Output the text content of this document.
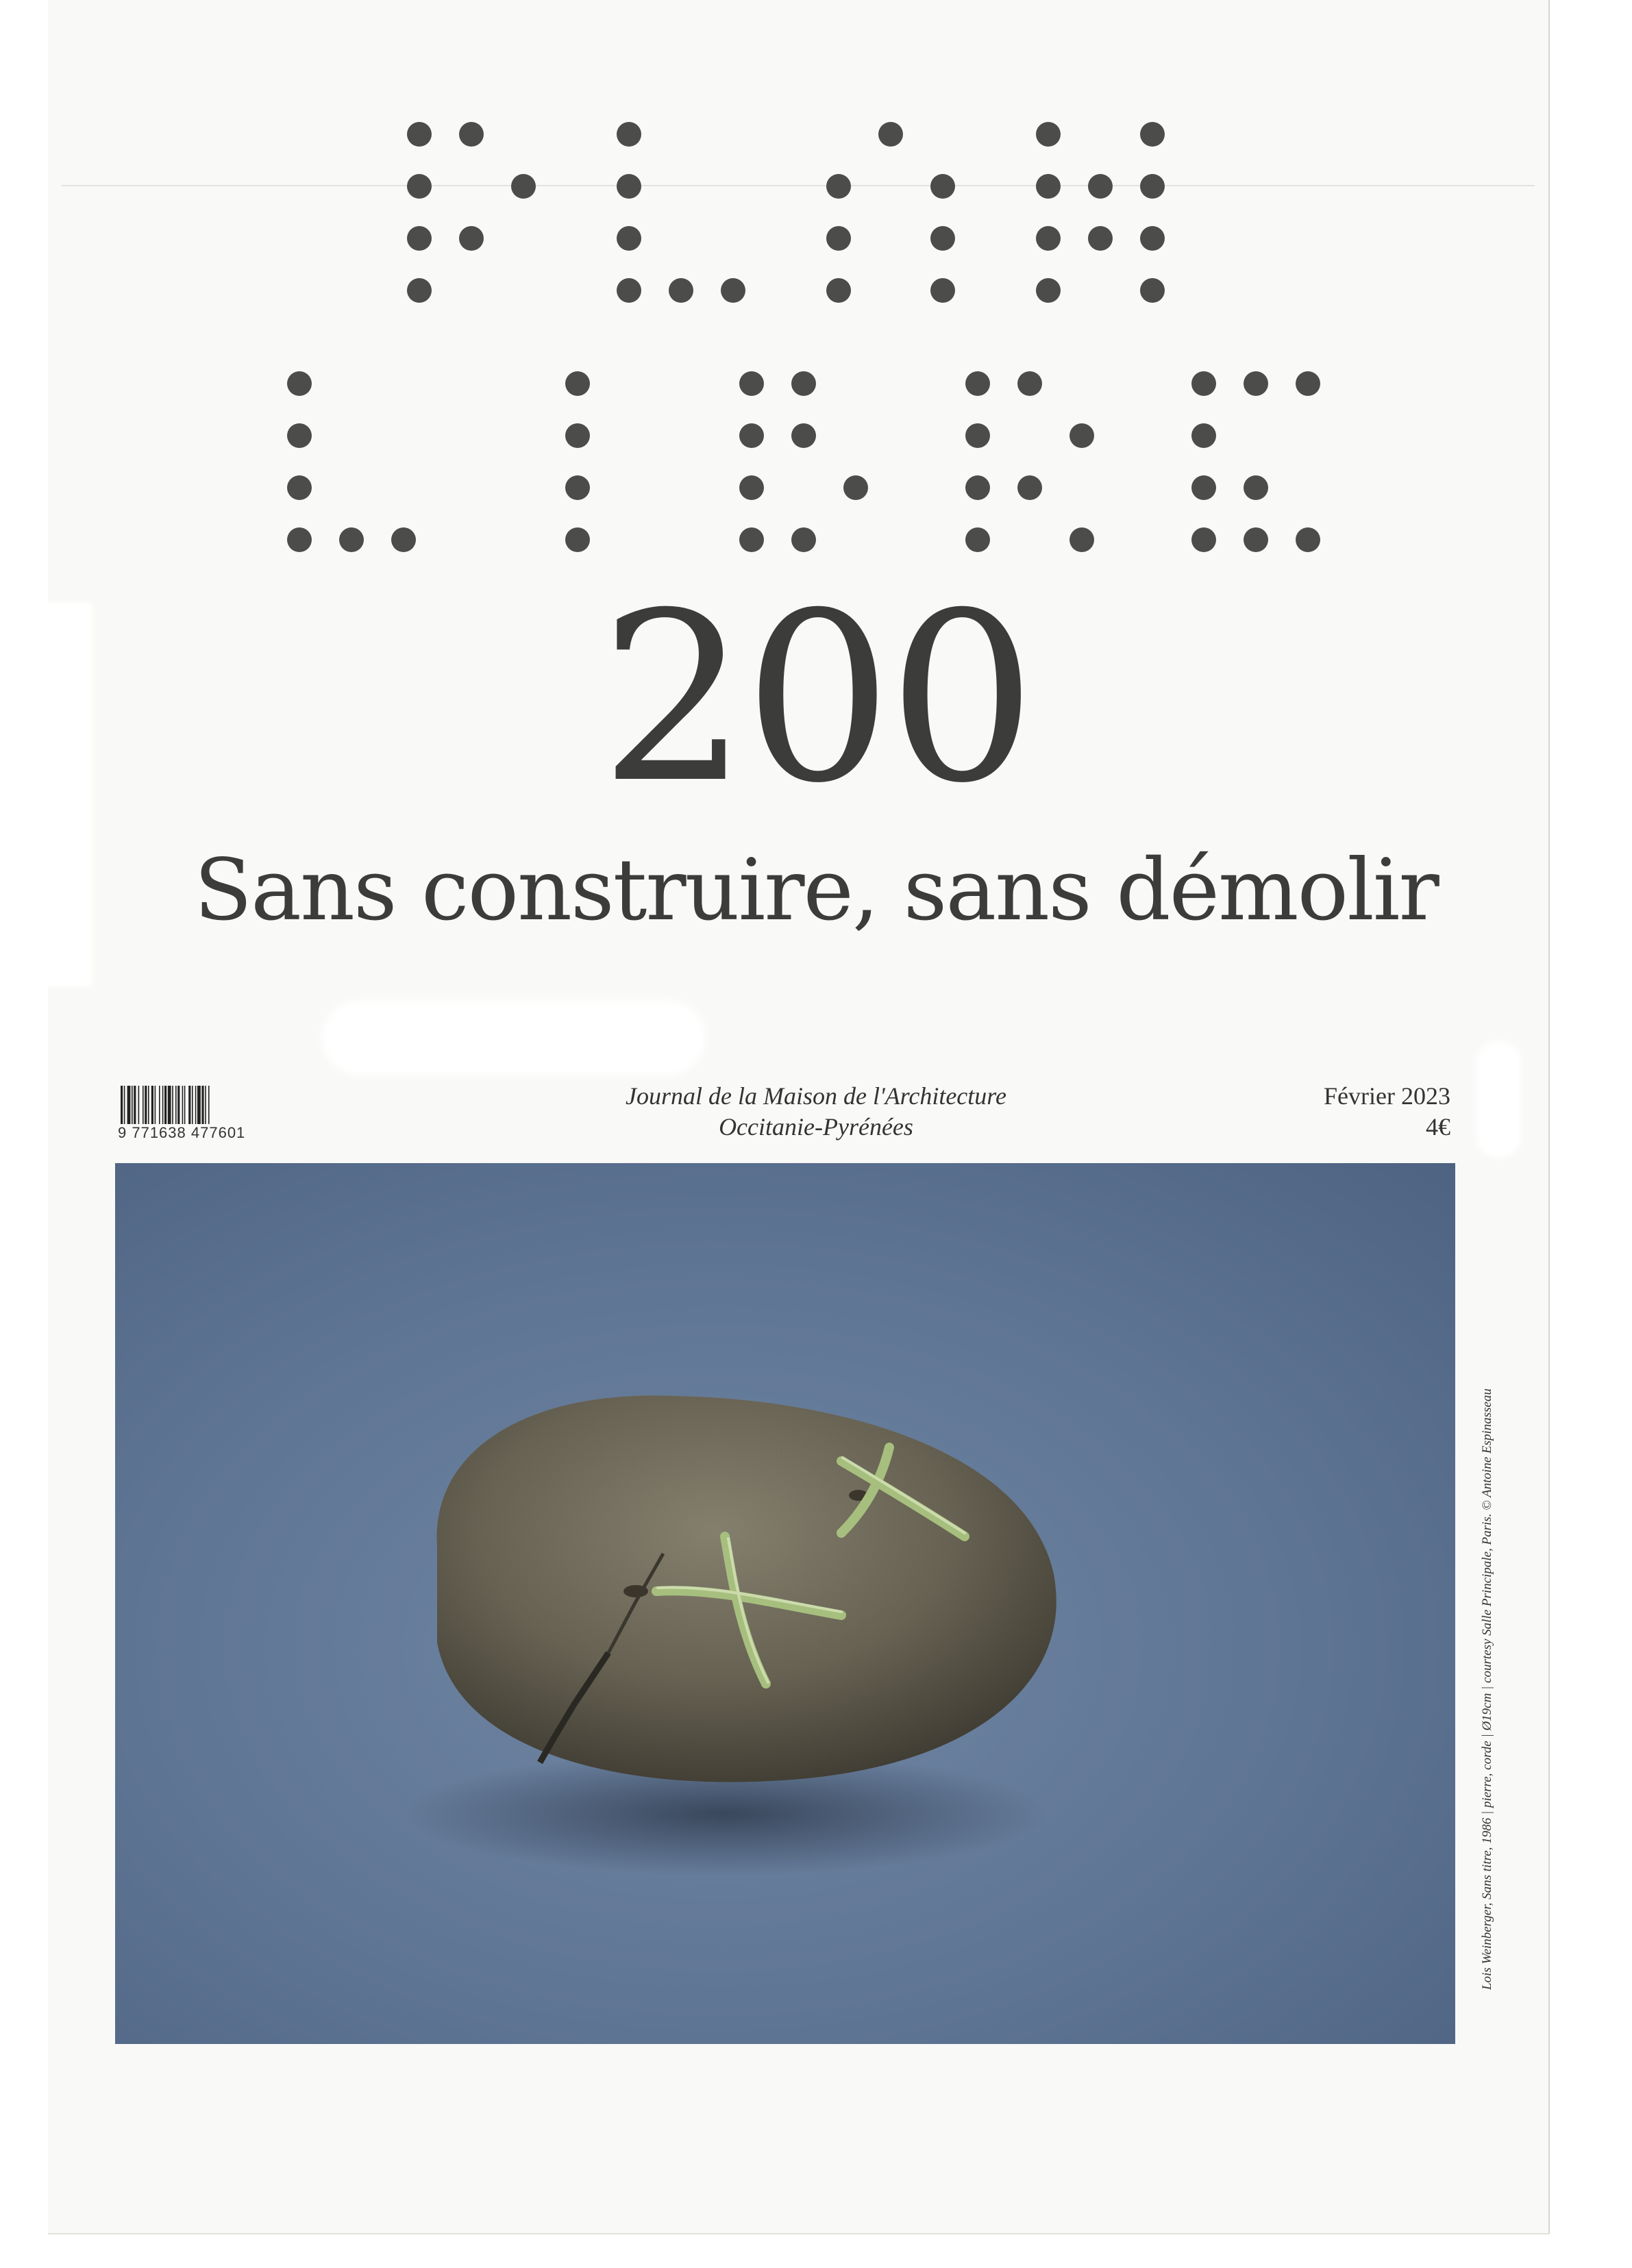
200
Sans construire, sans démolir
9 771638 477601
Journal de la Maison de l'Architecture
Occitanie-Pyrénées
Février 2023
4€
Lois Weinberger, Sans titre, 1986 | pierre, corde | Ø19cm | courtesy Salle Principale, Paris. © Antoine Espinasseau
